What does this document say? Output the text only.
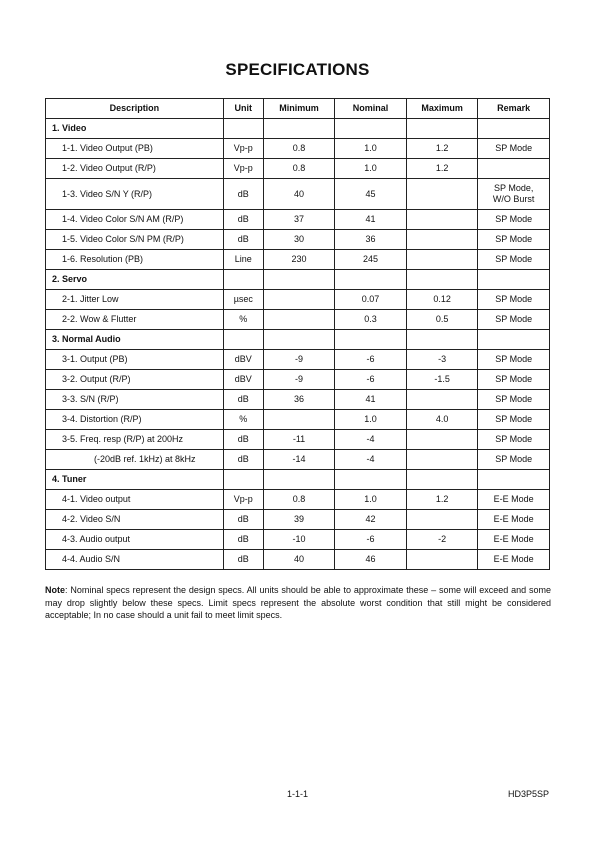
SPECIFICATIONS
Description	Unit	Minimum	Nominal	Maximum	Remark
1. Video					
1-1. Video Output (PB)	Vp-p	0.8	1.0	1.2	SP Mode
1-2. Video Output (R/P)	Vp-p	0.8	1.0	1.2	
1-3. Video S/N Y (R/P)	dB	40	45		SP Mode,
W/O Burst
1-4. Video Color S/N AM (R/P)	dB	37	41		SP Mode
1-5. Video Color S/N PM (R/P)	dB	30	36		SP Mode
1-6. Resolution (PB)	Line	230	245		SP Mode
2. Servo					
2-1. Jitter Low	µsec		0.07	0.12	SP Mode
2-2. Wow & Flutter	%		0.3	0.5	SP Mode
3. Normal Audio					
3-1. Output (PB)	dBV	-9	-6	-3	SP Mode
3-2. Output (R/P)	dBV	-9	-6	-1.5	SP Mode
3-3. S/N (R/P)	dB	36	41		SP Mode
3-4. Distortion (R/P)	%		1.0	4.0	SP Mode
3-5. Freq. resp (R/P) at 200Hz	dB	-11	-4		SP Mode
(-20dB ref. 1kHz) at 8kHz	dB	-14	-4		SP Mode
4. Tuner					
4-1. Video output	Vp-p	0.8	1.0	1.2	E-E Mode
4-2. Video S/N	dB	39	42		E-E Mode
4-3. Audio output	dB	-10	-6	-2	E-E Mode
4-4. Audio S/N	dB	40	46		E-E Mode
Note: Nominal specs represent the design specs. All units should be able to approximate these – some will exceed and some may drop slightly below these specs. Limit specs represent the absolute worst condition that still might be considered acceptable; In no case should a unit fail to meet limit specs.
1-1-1	HD3P5SP
